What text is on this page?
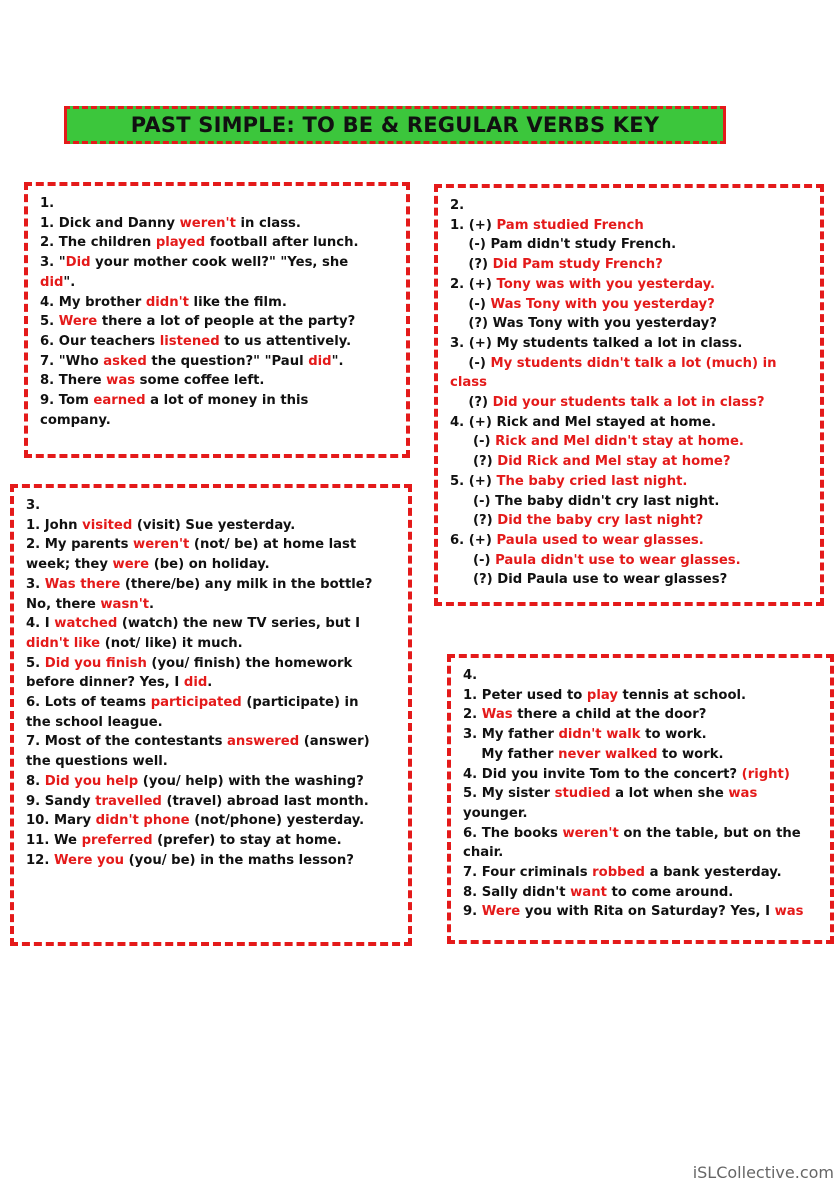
PAST SIMPLE: TO BE & REGULAR VERBS KEY
1.
1. Dick and Danny weren't in class.
2. The children played football after lunch.
3. "Did your mother cook well?" "Yes, she
did".
4. My brother didn't like the film.
5. Were there a lot of people at the party?
6. Our teachers listened to us attentively.
7. "Who asked the question?" "Paul did".
8. There was some coffee left.
9. Tom earned a lot of money in this
company.
2.
1. (+) Pam studied French
(-) Pam didn't study French.
(?) Did Pam study French?
2. (+) Tony was with you yesterday.
(-) Was Tony with you yesterday?
(?) Was Tony with you yesterday?
3. (+) My students talked a lot in class.
(-) My students didn't talk a lot (much) in
class
(?) Did your students talk a lot in class?
4. (+) Rick and Mel stayed at home.
(-) Rick and Mel didn't stay at home.
(?) Did Rick and Mel stay at home?
5. (+) The baby cried last night.
(-) The baby didn't cry last night.
(?) Did the baby cry last night?
6. (+) Paula used to wear glasses.
(-) Paula didn't use to wear glasses.
(?) Did Paula use to wear glasses?
3.
1. John visited (visit) Sue yesterday.
2. My parents weren't (not/ be) at home last
week; they were (be) on holiday.
3. Was there (there/be) any milk in the bottle?
No, there wasn't.
4. I watched (watch) the new TV series, but I
didn't like (not/ like) it much.
5. Did you finish (you/ finish) the homework
before dinner? Yes, I did.
6. Lots of teams participated (participate) in
the school league.
7. Most of the contestants answered (answer)
the questions well.
8. Did you help (you/ help) with the washing?
9. Sandy travelled (travel) abroad last month.
10. Mary didn't phone (not/phone) yesterday.
11. We preferred (prefer) to stay at home.
12. Were you (you/ be) in the maths lesson?
4.
1. Peter used to play tennis at school.
2. Was there a child at the door?
3. My father didn't walk to work.
My father never walked to work.
4. Did you invite Tom to the concert? (right)
5. My sister studied a lot when she was
younger.
6. The books weren't on the table, but on the
chair.
7. Four criminals robbed a bank yesterday.
8. Sally didn't want to come around.
9. Were you with Rita on Saturday? Yes, I was
iSLCollective.com
